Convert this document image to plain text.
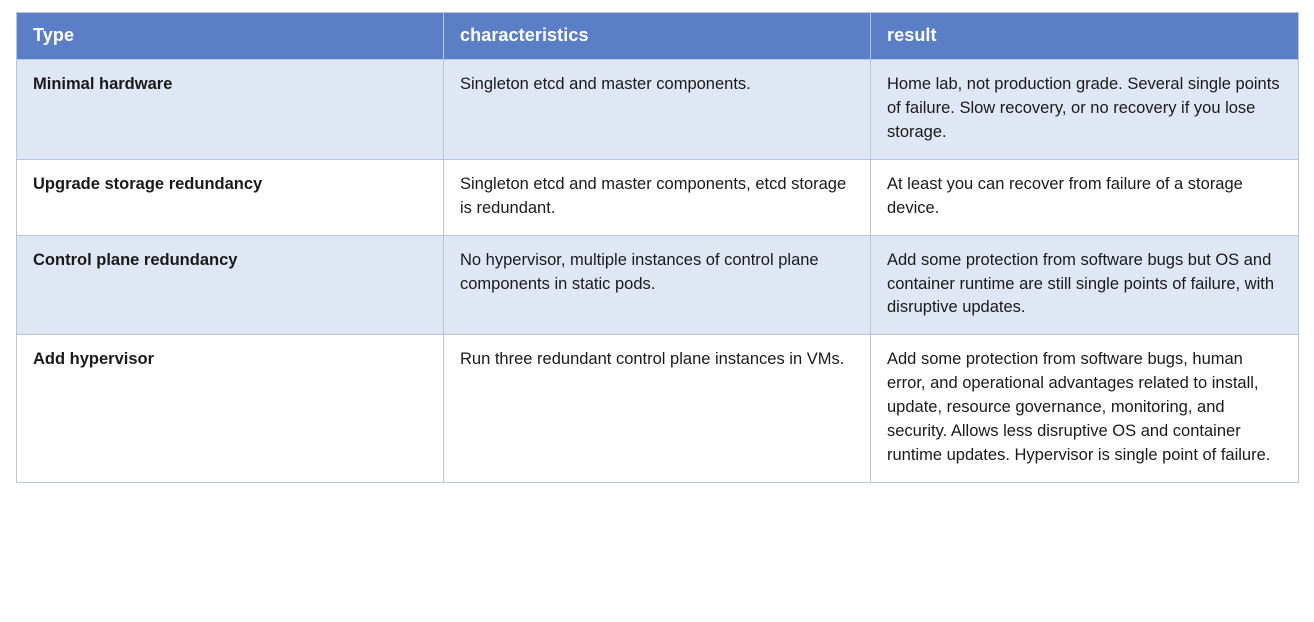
Type	characteristics	result
Minimal hardware	Singleton etcd and master components.	Home lab, not production grade. Several single points of failure. Slow recovery, or no recovery if you lose storage.
Upgrade storage redundancy	Singleton etcd and master components, etcd storage is redundant.	At least you can recover from failure of a storage device.
Control plane redundancy	No hypervisor, multiple instances of control plane components in static pods.	Add some protection from software bugs but OS and container runtime are still single points of failure, with disruptive updates.
Add hypervisor	Run three redundant control plane instances in VMs.	Add some protection from software bugs, human error, and operational advantages related to install, update, resource governance, monitoring, and security. Allows less disruptive OS and container runtime updates. Hypervisor is single point of failure.
